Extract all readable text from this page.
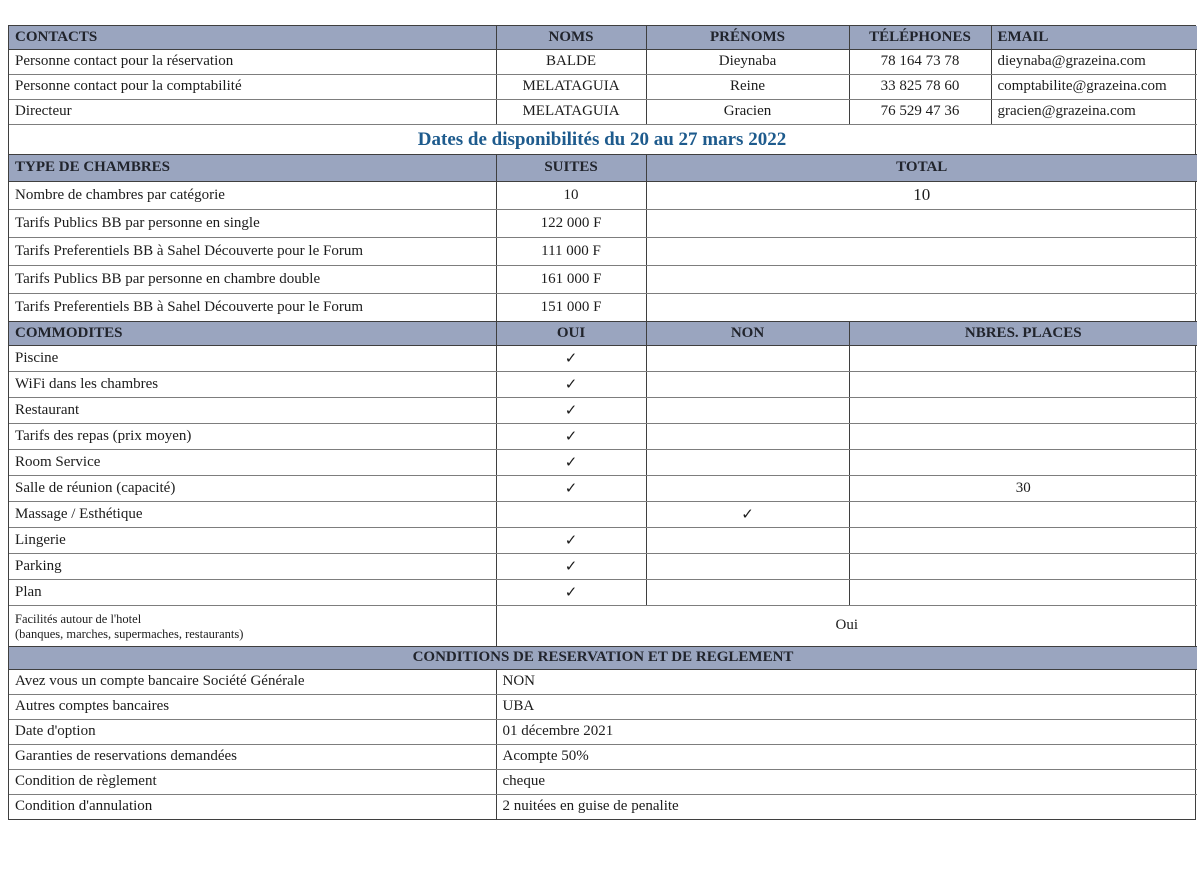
CONTACTS	NOMS	PRÉNOMS	TÉLÉPHONES	EMAIL
Personne contact pour la réservation	BALDE	Dieynaba	78 164 73 78	dieynaba@grazeina.com
Personne contact pour la comptabilité	MELATAGUIA	Reine	33 825 78 60	comptabilite@grazeina.com
Directeur	MELATAGUIA	Gracien	76 529 47 36	gracien@grazeina.com
Dates de disponibilités du 20 au 27 mars 2022
TYPE DE CHAMBRES	SUITES	TOTAL
Nombre de chambres par catégorie	10	10
Tarifs Publics BB par personne en single	122 000 F	
Tarifs Preferentiels BB à Sahel Découverte pour le Forum	111 000 F	
Tarifs Publics BB par personne en chambre double	161 000 F	
Tarifs Preferentiels BB à Sahel Découverte pour le Forum	151 000 F	
COMMODITES	OUI	NON	NBRES. PLACES
Piscine	✓		
WiFi dans les chambres	✓		
Restaurant	✓		
Tarifs des repas (prix moyen)	✓		
Room Service	✓		
Salle de réunion (capacité)	✓		30
Massage / Esthétique		✓	
Lingerie	✓		
Parking	✓		
Plan	✓		

Facilités autour de l'hotel
(banques, marches, supermaches, restaurants)	Oui		
CONDITIONS DE RESERVATION ET DE REGLEMENT	
Avez vous un compte bancaire Société Générale	NON
Autres comptes bancaires	UBA
Date d'option	01 décembre 2021
Garanties de reservations demandées	Acompte 50%
Condition de règlement	cheque
Condition d'annulation	2 nuitées en guise de penalite
